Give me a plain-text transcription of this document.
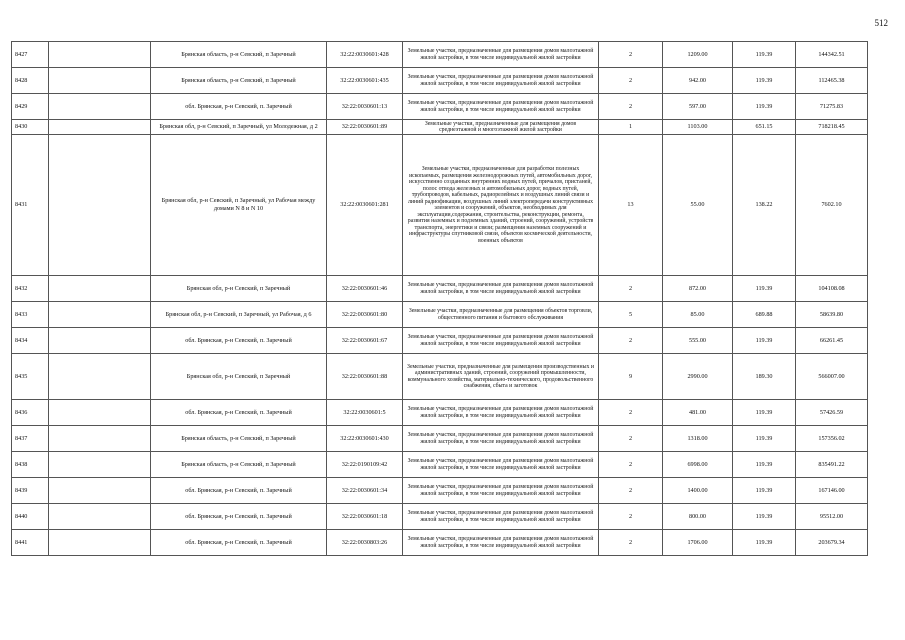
512
8427		Брянская область, р-н Севский, п Заречный	32:22:0030601:428	Земельные участки, предназначенные для размещения домов малоэтажной жилой застройки, в том числе индивидуальной жилой застройки	2	1209.00	119.39	144342.51
8428		Брянская область, р-н Севский, п Заречный	32:22:0030601:435	Земельные участки, предназначенные для размещения домов малоэтажной жилой застройки, в том числе индивидуальной жилой застройки	2	942.00	119.39	112465.38
8429		обл. Брянская, р-н Севский, п. Заречный	32:22:0030601:13	Земельные участки, предназначенные для размещения домов малоэтажной жилой застройки, в том числе индивидуальной жилой застройки	2	597.00	119.39	71275.83
8430		Брянская обл, р-н Севский, п Заречный, ул Молодежная, д 2	32:22:0030601:89	Земельные участки, предназначенные для размещения домов среднеэтажной и многоэтажной жилой застройки	1	1103.00	651.15	718218.45
8431		Брянская обл, р-н Севский, п Заречный, ул Рабочая между домами N 8 и N 10	32:22:0030601:281	Земельные участки, предназначенные для разработки полезных ископаемых, размещения железнодорожных путей, автомобильных дорог, искусственно созданных внутренних водных путей, причалов, пристаней, полос отвода железных и автомобильных дорог, водных путей, трубопроводов, кабельных, радиорелейных и воздушных линий связи и линий радиофикации, воздушных линий электропередачи конструктивных элементов и сооружений, объектов, необходимых для эксплуатации,содержания, строительства, реконструкции, ремонта, развития наземных и подземных зданий, строений, сооружений, устройств транспорта, энергетики и связи; размещения наземных сооружений и инфраструктуры спутниковой связи, объектов космической деятельности, военных объектов	13	55.00	138.22	7602.10
8432		Брянская обл, р-н Севский, п Заречный	32:22:0030601:46	Земельные участки, предназначенные для размещения домов малоэтажной жилой застройки, в том числе индивидуальной жилой застройки	2	872.00	119.39	104108.08
8433		Брянская обл, р-н Севский, п Заречный, ул Рабочая, д 6	32:22:0030601:80	Земельные участки, предназначенные для размещения объектов торговли, общественного питания и бытового обслуживания	5	85.00	689.88	58639.80
8434		обл. Брянская, р-н Севский, п. Заречный	32:22:0030601:67	Земельные участки, предназначенные для размещения домов малоэтажной жилой застройки, в том числе индивидуальной жилой застройки	2	555.00	119.39	66261.45
8435		Брянская обл, р-н Севский, п Заречный	32:22:0030601:88	Земельные участки, предназначенные для размещения производственных и административных зданий, строений, сооружений промышленности, коммунального хозяйства, материально-технического, продовольственного снабжения, сбыта и заготовок	9	2990.00	189.30	566007.00
8436		обл. Брянская, р-н Севский, п. Заречный	32:22:0030601:5	Земельные участки, предназначенные для размещения домов малоэтажной жилой застройки, в том числе индивидуальной жилой застройки	2	481.00	119.39	57426.59
8437		Брянская область, р-н Севский, п Заречный	32:22:0030601:430	Земельные участки, предназначенные для размещения домов малоэтажной жилой застройки, в том числе индивидуальной жилой застройки	2	1318.00	119.39	157356.02
8438		Брянская область, р-н Севский, п Заречный	32:22:0190109:42	Земельные участки, предназначенные для размещения домов малоэтажной жилой застройки, в том числе индивидуальной жилой застройки	2	6998.00	119.39	835491.22
8439		обл. Брянская, р-н Севский, п. Заречный	32:22:0030601:34	Земельные участки, предназначенные для размещения домов малоэтажной жилой застройки, в том числе индивидуальной жилой застройки	2	1400.00	119.39	167146.00
8440		обл. Брянская, р-н Севский, п. Заречный	32:22:0030601:18	Земельные участки, предназначенные для размещения домов малоэтажной жилой застройки, в том числе индивидуальной жилой застройки	2	800.00	119.39	95512.00
8441		обл. Брянская, р-н Севский, п. Заречный	32:22:0030803:26	Земельные участки, предназначенные для размещения домов малоэтажной жилой застройки, в том числе индивидуальной жилой застройки	2	1706.00	119.39	203679.34
